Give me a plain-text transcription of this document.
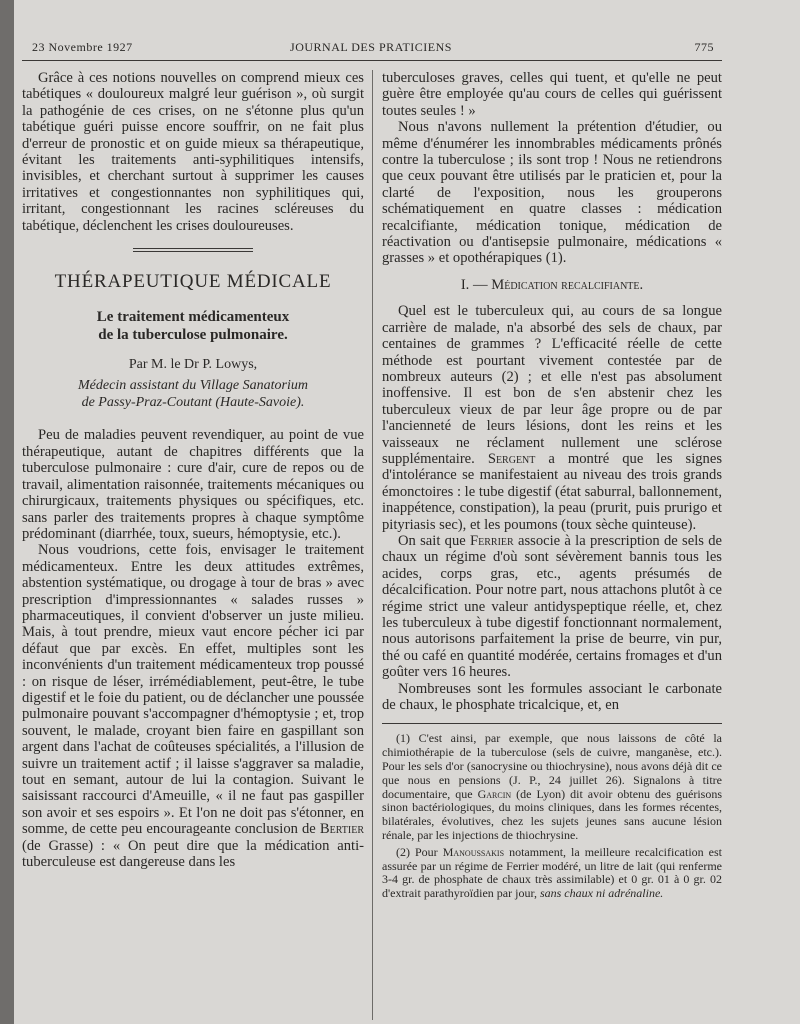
23 Novembre 1927	JOURNAL DES PRATICIENS	775

Grâce à ces notions nouvelles on comprend mieux ces tabétiques « douloureux malgré leur guérison », où surgit la pathogénie de ces crises, on ne s'étonne plus qu'un tabétique guéri puisse encore souffrir, on ne fait plus d'erreur de pronostic et on guide mieux sa thérapeutique, évitant les traitements anti-syphilitiques intensifs, invisibles, et cherchant surtout à supprimer les causes irritatives et congestionnantes non syphilitiques qui, irritant, congestionnant les racines scléreuses du tabétique, déclenchent les crises douloureuses.

THÉRAPEUTIQUE MÉDICALE
Le traitement médicamenteux
de la tuberculose pulmonaire.
Par M. le Dr P. Lowys,
Médecin assistant du Village Sanatorium
de Passy-Praz-Coutant (Haute-Savoie).

Peu de maladies peuvent revendiquer, au point de vue thérapeutique, autant de chapitres différents que la tuberculose pulmonaire : cure d'air, cure de repos ou de travail, alimentation raisonnée, traitements mécaniques ou chirurgicaux, traitements physiques ou spécifiques, etc. sans parler des traitements propres à chaque symptôme prédominant (diarrhée, toux, sueurs, hémoptysie, etc.).

Nous voudrions, cette fois, envisager le traitement médicamenteux. Entre les deux attitudes extrêmes, abstention systématique, ou drogage à tour de bras » avec prescription d'impressionnantes « salades russes » pharmaceutiques, il convient d'observer un juste milieu. Mais, à tout prendre, mieux vaut encore pécher ici par défaut que par excès. En effet, multiples sont les inconvénients d'un traitement médicamenteux trop poussé : on risque de léser, irrémédiablement, peut-être, le tube digestif et le foie du patient, ou de déclancher une poussée pulmonaire pouvant s'accompagner d'hémoptysie ; et, trop souvent, le malade, croyant bien faire en gaspillant son argent dans l'achat de coûteuses spécialités, a l'illusion de suivre un traitement actif ; il laisse s'aggraver sa maladie, tout en semant, autour de lui la contagion. Suivant le saisissant raccourci d'Ameuille, « il ne faut pas gaspiller son avoir et ses espoirs ». Et l'on ne doit pas s'étonner, en somme, de cette peu encourageante conclusion de Bertier (de Grasse) : « On peut dire que la médication anti-tuberculeuse est dangereuse dans les

tuberculoses graves, celles qui tuent, et qu'elle ne peut guère être employée qu'au cours de celles qui guérissent toutes seules ! »

Nous n'avons nullement la prétention d'étudier, ou même d'énumérer les innombrables médicaments prônés contre la tuberculose ; ils sont trop ! Nous ne retiendrons que ceux pouvant être utilisés par le praticien et, pour la clarté de l'exposition, nous les grouperons schématiquement en quatre classes : médication recalcifiante, médication tonique, médication de réactivation ou d'antisepsie pulmonaire, médications « grasses » et opothérapiques (1).

I. — Médication recalcifiante.

Quel est le tuberculeux qui, au cours de sa longue carrière de malade, n'a absorbé des sels de chaux, par centaines de grammes ? L'efficacité réelle de cette méthode est pourtant vivement contestée par de nombreux auteurs (2) ; et elle n'est pas absolument inoffensive. Il est bon de s'en abstenir chez les tuberculeux vieux de par leur âge propre ou de par l'ancienneté de leurs lésions, dont les reins et les vaisseaux ne réclament nullement une sclérose supplémentaire. Sergent a montré que les signes d'intolérance se manifestaient au niveau des trois grands émonctoires : le tube digestif (état saburral, ballonnement, inappétence, constipation), la peau (prurit, puis prurigo et pityriasis sec), et les poumons (toux sèche quinteuse).

On sait que Ferrier associe à la prescription de sels de chaux un régime d'où sont sévèrement bannis tous les acides, corps gras, etc., agents présumés de décalcification. Pour notre part, nous attachons plutôt à ce régime strict une valeur antidyspeptique réelle, et, chez les tuberculeux à tube digestif fonctionnant normalement, nous autorisons parfaitement la prise de beurre, vin pur, thé ou café en quantité modérée, certains fromages et d'un goûter vers 16 heures.

Nombreuses sont les formules associant le carbonate de chaux, le phosphate tricalcique, et, en

(1) C'est ainsi, par exemple, que nous laissons de côté la chimiothérapie de la tuberculose (sels de cuivre, manganèse, etc.). Pour les sels d'or (sanocrysine ou thiochrysine), nous avons déjà dit ce que nous en pensions (J. P., 24 juillet 26). Signalons à titre documentaire, que Garcin (de Lyon) dit avoir obtenu des guérisons sinon bactériologiques, du moins cliniques, dans les formes récentes, bilatérales, évolutives, chez les sujets jeunes sans aucune lésion rénale, par les injections de thiochrysine.

(2) Pour Manoussakis notamment, la meilleure recalcification est assurée par un régime de Ferrier modéré, un litre de lait (qui renferme 3-4 gr. de phosphate de chaux très assimilable) et 0 gr. 01 à 0 gr. 02 d'extrait parathyroïdien par jour, sans chaux ni adrénaline.
